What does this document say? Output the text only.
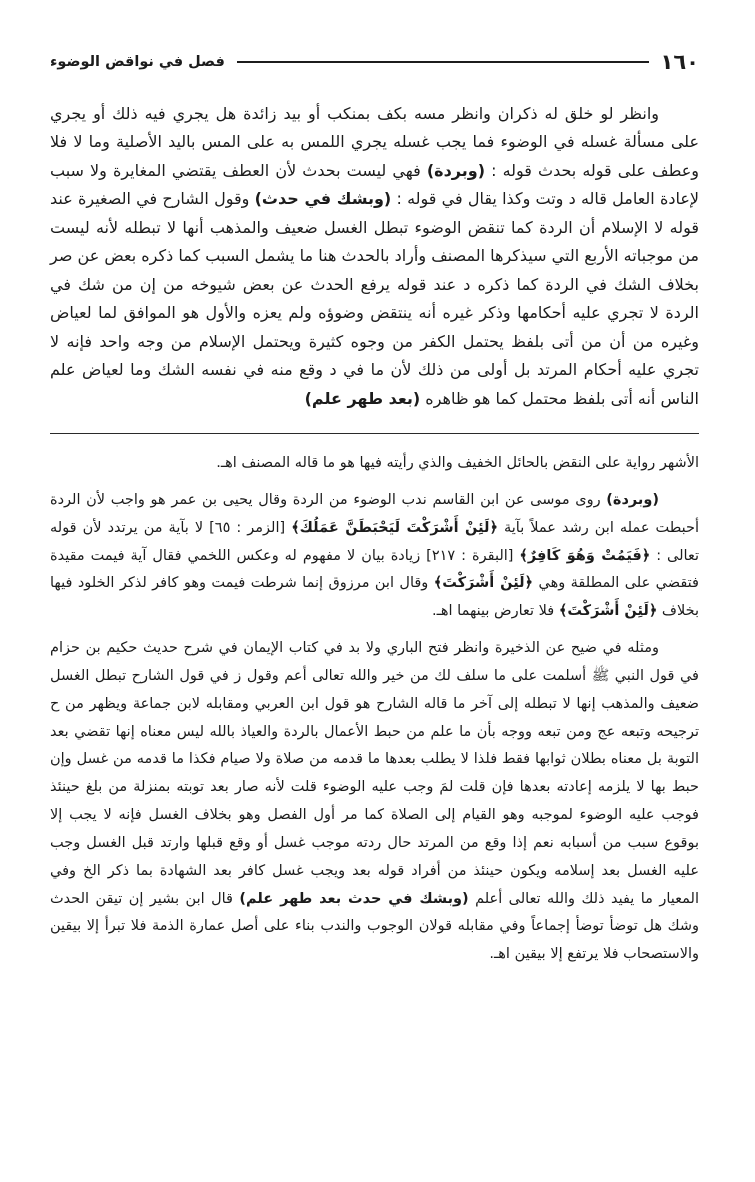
١٦٠
فصل في نواقض الوضوء

وانظر لو خلق له ذكران وانظر مسه بكف بمنكب أو بيد زائدة هل يجري فيه ذلك أو يجري على مسألة غسله في الوضوء فما يجب غسله يجري اللمس به على المس باليد الأصلية وما لا فلا وعطف على قوله بحدث قوله : (وبردة) فهي ليست بحدث لأن العطف يقتضي المغايرة ولا سبب لإعادة العامل قاله د وتت وكذا يقال في قوله : (وبشك في حدث) وقول الشارح في الصغيرة عند قوله لا الإسلام أن الردة كما تنقض الوضوء تبطل الغسل ضعيف والمذهب أنها لا تبطله لأنه ليست من موجباته الأربع التي سيذكرها المصنف وأراد بالحدث هنا ما يشمل السبب كما ذكره بعض عن صر بخلاف الشك في الردة كما ذكره د عند قوله يرفع الحدث عن بعض شيوخه من إن من شك في الردة لا تجري عليه أحكامها وذكر غيره أنه ينتقض وضوؤه ولم يعزه والأول هو الموافق لما لعياض وغيره من أن من أتى بلفظ يحتمل الكفر من وجوه كثيرة ويحتمل الإسلام من وجه واحد فإنه لا تجري عليه أحكام المرتد بل أولى من ذلك لأن ما في د وقع منه في نفسه الشك وما لعياض علم الناس أنه أتى بلفظ محتمل كما هو ظاهره (بعد طهر علم)

الأشهر رواية على النقض بالحائل الخفيف والذي رأيته فيها هو ما قاله المصنف اهـ.

(وبردة) روى موسى عن ابن القاسم ندب الوضوء من الردة وقال يحيى بن عمر هو واجب لأن الردة أحبطت عمله ابن رشد عملاً بآية ﴿لَئِنْ أَشْرَكْتَ لَيَحْبَطَنَّ عَمَلُكَ﴾ [الزمر : ٦٥] لا بآية من يرتدد لأن قوله تعالى : ﴿فَيَمُتْ وَهُوَ كَافِرٌ﴾ [البقرة : ٢١٧] زيادة بيان لا مفهوم له وعكس اللخمي فقال آية فيمت مقيدة فتقضي على المطلقة وهي ﴿لَئِنْ أَشْرَكْتَ﴾ وقال ابن مرزوق إنما شرطت فيمت وهو كافر لذكر الخلود فيها بخلاف ﴿لَئِنْ أَشْرَكْتَ﴾ فلا تعارض بينهما اهـ.

ومثله في ضيح عن الذخيرة وانظر فتح الباري ولا بد في كتاب الإيمان في شرح حديث حكيم بن حزام في قول النبي ﷺ أسلمت على ما سلف لك من خير والله تعالى أعم وقول ز في قول الشارح تبطل الغسل ضعيف والمذهب إنها لا تبطله إلى آخر ما قاله الشارح هو قول ابن العربي ومقابله لابن جماعة ويظهر من ح ترجيحه وتبعه عج ومن تبعه ووجه بأن ما علم من حبط الأعمال بالردة والعياذ بالله ليس معناه إنها تقضي بعد التوبة بل معناه بطلان ثوابها فقط فلذا لا يطلب بعدها ما قدمه من صلاة ولا صيام فكذا ما قدمه من غسل وإن حبط بها لا يلزمه إعادته بعدها فإن قلت لمَ وجب عليه الوضوء قلت لأنه صار بعد توبته بمنزلة من بلغ حينئذ فوجب عليه الوضوء لموجبه وهو القيام إلى الصلاة كما مر أول الفصل وهو بخلاف الغسل فإنه لا يجب إلا بوقوع سبب من أسبابه نعم إذا وقع من المرتد حال ردته موجب غسل أو وقع قبلها وارتد قبل الغسل وجب عليه الغسل بعد إسلامه ويكون حينئذ من أفراد قوله بعد ويجب غسل كافر بعد الشهادة بما ذكر الخ وفي المعيار ما يفيد ذلك والله تعالى أعلم (وبشك في حدث بعد طهر علم) قال ابن بشير إن تيقن الحدث وشك هل توضأ توضأ إجماعاً وفي مقابله قولان الوجوب والندب بناء على أصل عمارة الذمة فلا تبرأ إلا بيقين والاستصحاب فلا يرتفع إلا بيقين اهـ.
